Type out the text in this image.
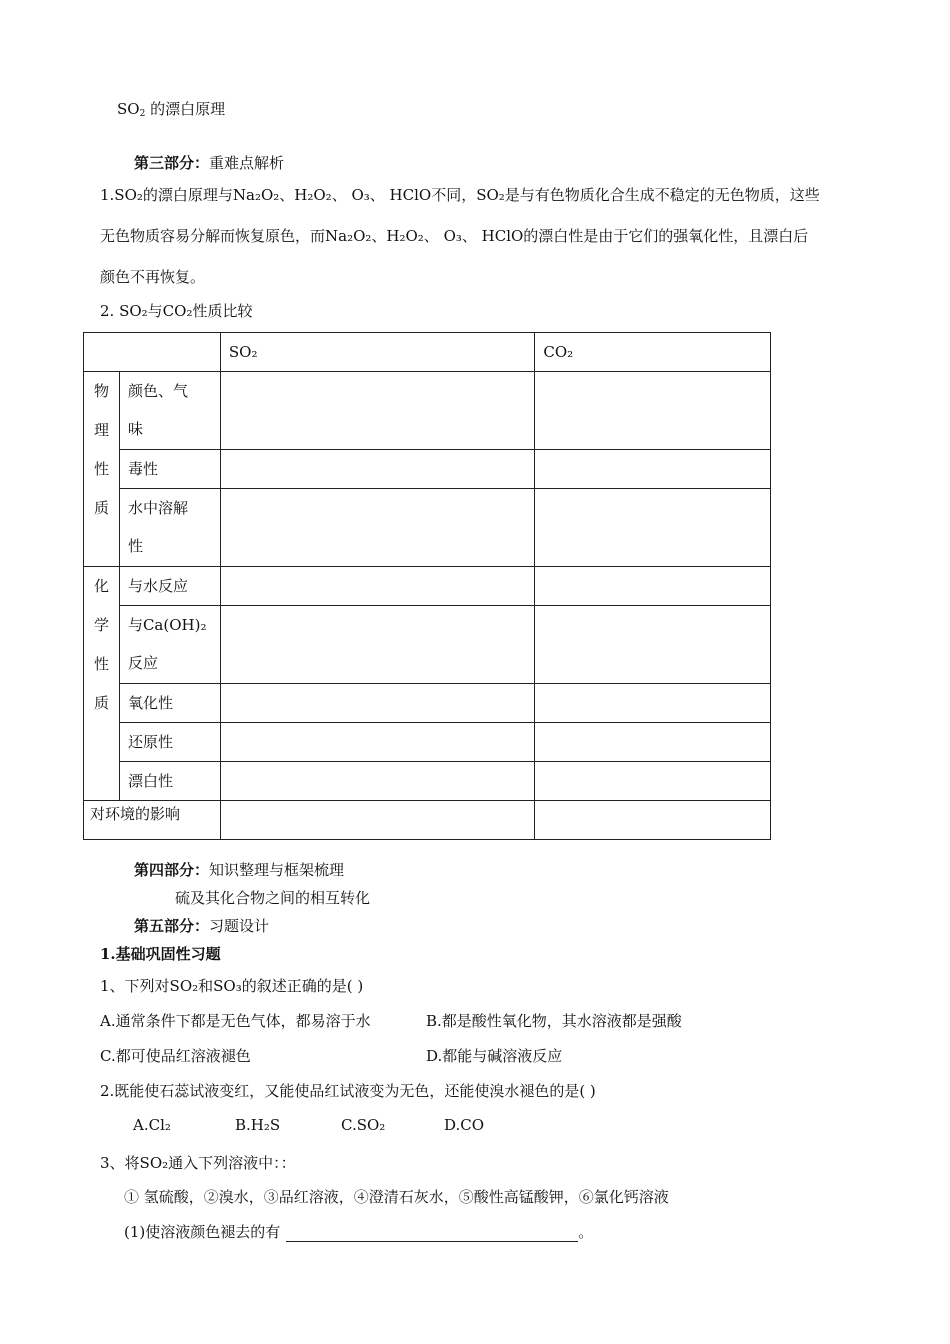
$SO_2$ 的漂白原理
第三部分：重难点解析
1.SO₂的漂白原理与Na₂O₂、H₂O₂、 O₃、 HClO不同，SO₂是与有色物质化合生成不稳定的无色物质，这些
无色物质容易分解而恢复原色，而Na₂O₂、H₂O₂、 O₃、 HClO的漂白性是由于它们的强氧化性，且漂白后
颜色不再恢复。
2. SO₂与CO₂性质比较

		SO₂	CO₂

物
理
性
质	颜色、气
味		

	毒性		

	水中溶解
性		

化
学
性
质	与水反应		

	与Ca(OH)₂
反应		

	氧化性		

	还原性		

	漂白性		

对环境的影响			

第四部分：知识整理与框架梳理
硫及其化合物之间的相互转化
第五部分：习题设计
1.基础巩固性习题
1、下列对SO₂和SO₃的叙述正确的是( )
A.通常条件下都是无色气体，都易溶于水	B.都是酸性氧化物，其水溶液都是强酸
C.都可使品红溶液褪色	D.都能与碱溶液反应
2.既能使石蕊试液变红，又能使品红试液变为无色，还能使溴水褪色的是( )
A.Cl₂	B.H₂S	C.SO₂	D.CO
3、将SO₂通入下列溶液中：：
① 氢硫酸，②溴水，③品红溶液，④澄清石灰水，⑤酸性高锰酸钾，⑥氯化钙溶液
(1)使溶液颜色褪去的有	。
